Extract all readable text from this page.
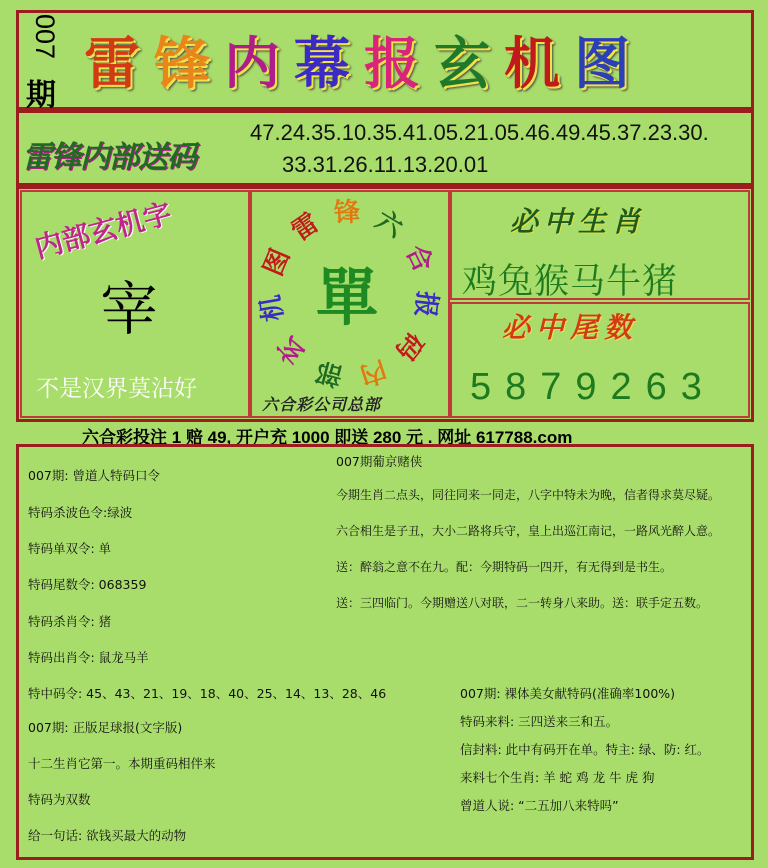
007
期 雷 锋 内 幕 报 玄 机 图
雷锋内部送码
47.24.35.10.35.41.05.21.05.46.49.45.37.23.30.
33.31.26.11.13.20.01
内部玄机字
宰
不是汉界莫沾好
雷 锋 六
合
报
码
内
部
玄
机
图 單
六合彩公司总部
必中生肖
鸡兔猴马牛猪
必中尾数
5879263
六合彩投注 1 赔 49, 开户充 1000 即送 280 元 . 网址 617788.com
007期: 曾道人特码口令
特码杀波色令:绿波
特码单双令: 单
特码尾数令: 068359
特码杀肖令: 猪
特码出肖令: 鼠龙马羊
特中码令: 45、43、21、19、18、40、25、14、13、28、46
007期: 正版足球报(文字版)
十二生肖它第一。本期重码相伴来
特码为双数
给一句话: 欲钱买最大的动物
007期葡京赌侠
今期生肖二点头，同往同来一同走，八字中特未为晚，信者得求莫尽疑。
六合相生是子丑，大小二路将兵守，皇上出巡江南记，一路风光醉人意。
送：醉翁之意不在九。配：今期特码一四开，有无得到是书生。
送：三四临门。今期赠送八对联，二一转身八来助。送：联手定五数。
007期: 裸体美女献特码(准确率100%)
特码来料: 三四送来三和五。
信封料: 此中有码开在单。特主: 绿、防: 红。
来料七个生肖: 羊 蛇 鸡 龙 牛 虎 狗
曾道人说: “二五加八来特吗”
